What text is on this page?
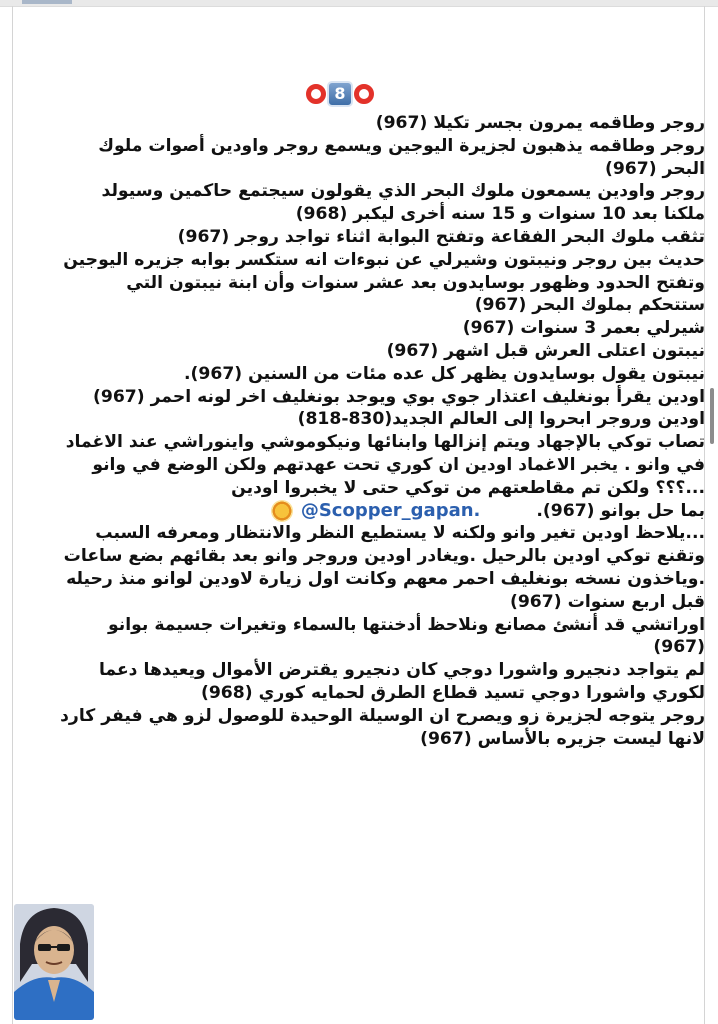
8

روجر وطاقمه يمرون بجسر تكيلا (967)

روجر وطاقمه يذهبون لجزيرة اليوجين ويسمع روجر واودين أصوات ملوك البحر (967)

روجر واودين يسمعون ملوك البحر الذي يقولون سيجتمع حاكمين وسيولد ملكنا بعد 10 سنوات و 15 سنه أخرى ليكبر (968)

تثقب ملوك البحر الفقاعة وتفتح البوابة اثناء تواجد روجر (967)

حديث بين روجر ونيبتون وشيرلي عن نبوءات انه ستكسر بوابه جزيره اليوجين وتفتح الحدود وظهور بوسايدون بعد عشر سنوات وأن ابنة نيبتون التي ستتحكم بملوك البحر (967)

شيرلي بعمر 3 سنوات (967)

نيبتون اعتلى العرش قبل اشهر (967)

نيبتون يقول بوسايدون يظهر كل عده مئات من السنين (967).

اودين يقرأ بونغليف اعتذار جوي بوي ويوجد بونغليف اخر لونه احمر (967)

اودين وروجر ابحروا إلى العالم الجديد(830-818)

تصاب توكي بالإجهاد ويتم إنزالها وابنائها ونيكوموشي واينوراشي عند الاغماد في وانو . يخبر الاغماد اودين ان كوري تحت عهدتهم ولكن الوضع في وانو ...؟؟؟ ولكن تم مقاطعتهم من توكي حتى لا يخبروا اودين

@Scopper_gapan.	بما حل بوانو (967).

...يلاحظ اودين تغير وانو ولكنه لا يستطيع النظر والانتظار ومعرفه السبب وتقنع توكي اودين بالرحيل .ويغادر اودين وروجر وانو بعد بقائهم بضع ساعات .وياخذون نسخه بونغليف احمر معهم وكانت اول زيارة لاودين لوانو منذ رحيله قبل اربع سنوات (967)

اوراتشي قد أنشئ مصانع ونلاحظ أدخنتها بالسماء وتغيرات جسيمة بوانو (967)

لم يتواجد دنجيرو واشورا دوجي كان دنجيرو يقترض الأموال ويعيدها دعما لكوري واشورا دوجي تسيد قطاع الطرق لحمايه كوري (968)

روجر يتوجه لجزيرة زو ويصرح ان الوسيلة الوحيدة للوصول لزو هي فيفر كارد لانها ليست جزيره بالأساس (967)
